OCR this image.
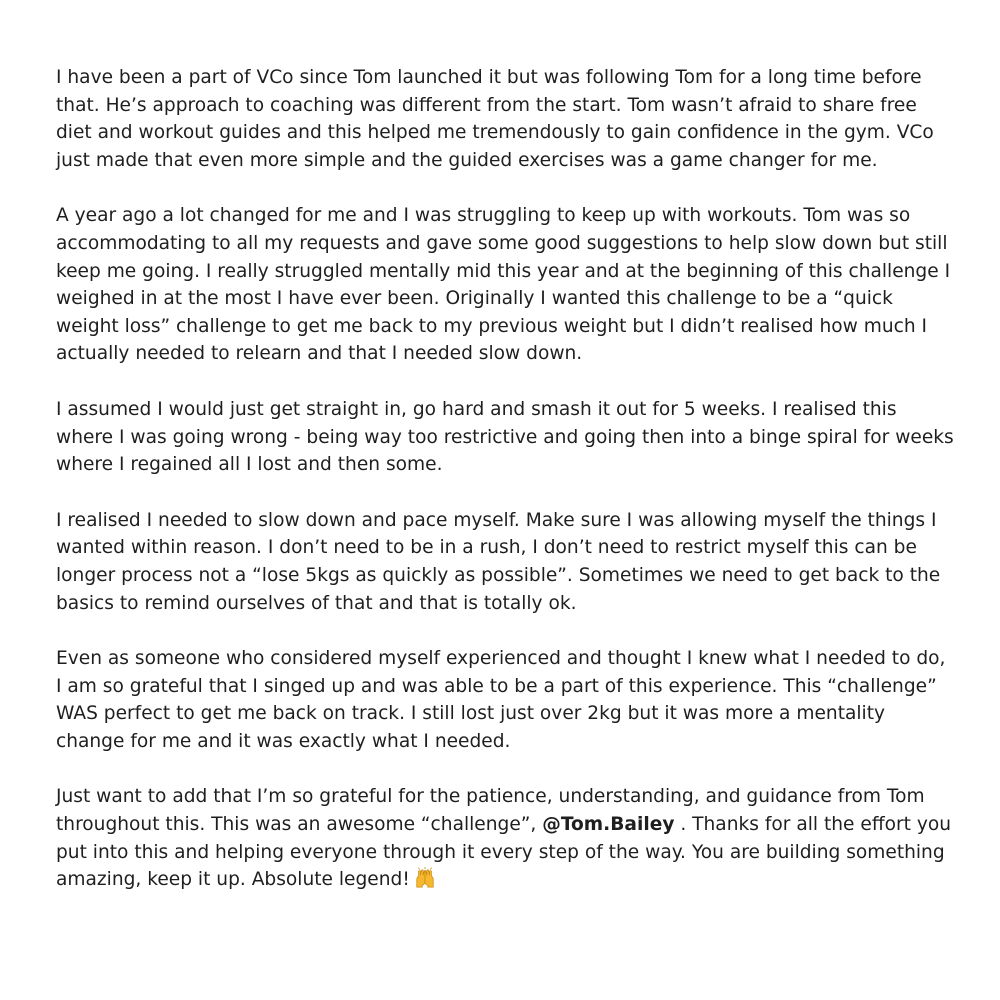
I have been a part of VCo since Tom launched it but was following Tom for a long time before that. He’s approach to coaching was different from the start. Tom wasn’t afraid to share free diet and workout guides and this helped me tremendously to gain confidence in the gym. VCo just made that even more simple and the guided exercises was a game changer for me.

A year ago a lot changed for me and I was struggling to keep up with workouts. Tom was so accommodating to all my requests and gave some good suggestions to help slow down but still keep me going. I really struggled mentally mid this year and at the beginning of this challenge I weighed in at the most I have ever been. Originally I wanted this challenge to be a “quick weight loss” challenge to get me back to my previous weight but I didn’t realised how much I actually needed to relearn and that I needed slow down.

I assumed I would just get straight in, go hard and smash it out for 5 weeks. I realised this where I was going wrong - being way too restrictive and going then into a binge spiral for weeks where I regained all I lost and then some.

I realised I needed to slow down and pace myself. Make sure I was allowing myself the things I wanted within reason. I don’t need to be in a rush, I don’t need to restrict myself this can be longer process not a “lose 5kgs as quickly as possible”. Sometimes we need to get back to the basics to remind ourselves of that and that is totally ok.

Even as someone who considered myself experienced and thought I knew what I needed to do, I am so grateful that I singed up and was able to be a part of this experience. This “challenge” WAS perfect to get me back on track. I still lost just over 2kg but it was more a mentality change for me and it was exactly what I needed.

Just want to add that I’m so grateful for the patience, understanding, and guidance from Tom throughout this. This was an awesome “challenge”, @Tom.Bailey . Thanks for all the effort you put into this and helping everyone through it every step of the way. You are building something amazing, keep it up. Absolute legend!
